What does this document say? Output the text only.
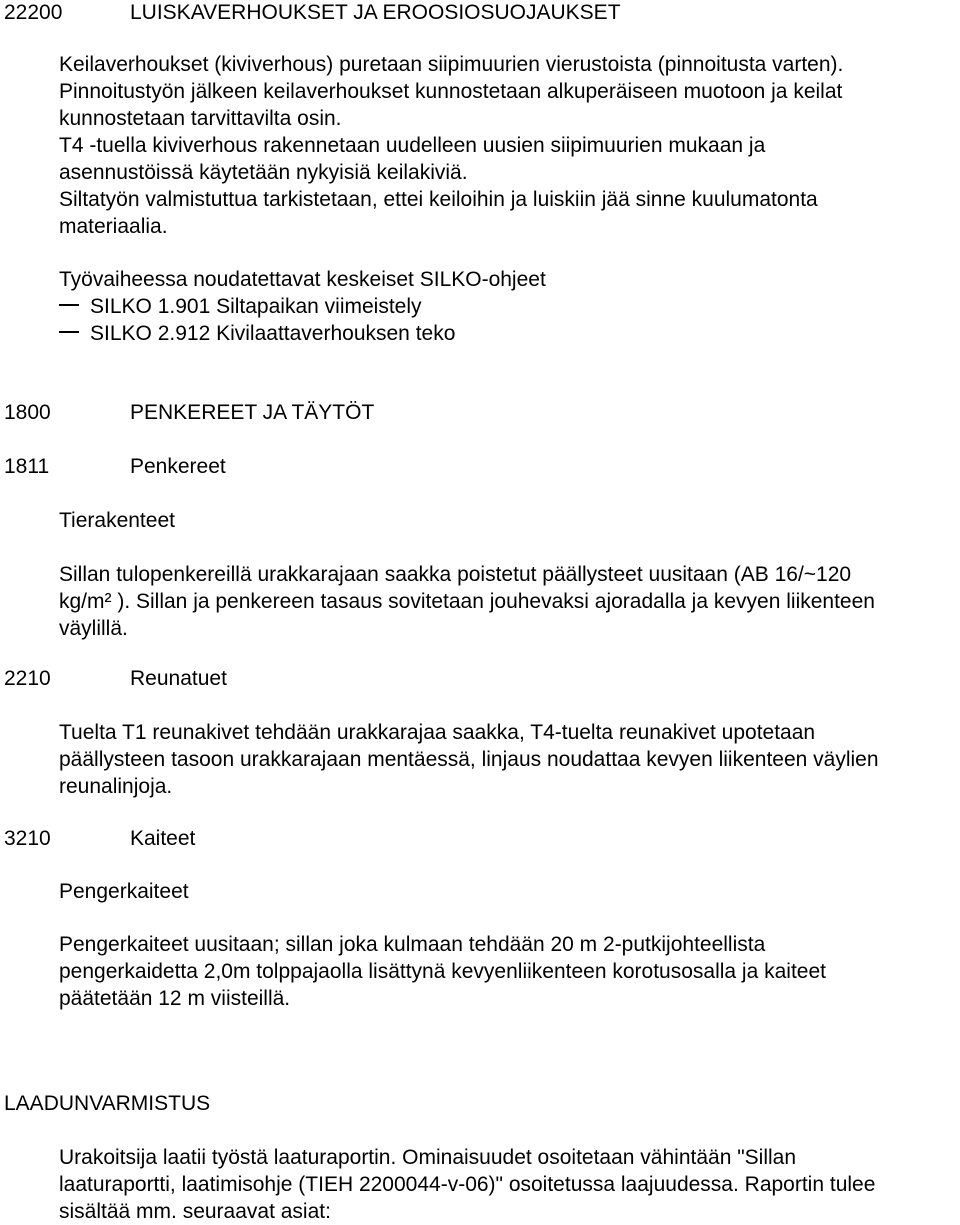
22200	LUISKAVERHOUKSET JA EROOSIOSUOJAUKSET
Keilaverhoukset (kiviverhous) puretaan siipimuurien vierustoista (pinnoitusta varten).
Pinnoitustyön jälkeen keilaverhoukset kunnostetaan alkuperäiseen muotoon ja keilat
kunnostetaan tarvittavilta osin.
T4 -tuella kiviverhous rakennetaan uudelleen uusien siipimuurien mukaan ja
asennustöissä käytetään nykyisiä keilakiviä.
Siltatyön valmistuttua tarkistetaan, ettei keiloihin ja luiskiin jää sinne kuulumatonta
materiaalia.
Työvaiheessa noudatettavat keskeiset SILKO-ohjeet
SILKO 1.901 Siltapaikan viimeistely
SILKO 2.912 Kivilaattaverhouksen teko
1800	PENKEREET JA TÄYTÖT
1811	Penkereet
Tierakenteet
Sillan tulopenkereillä urakkarajaan saakka poistetut päällysteet uusitaan (AB 16/~120
kg/m² ). Sillan ja penkereen tasaus sovitetaan jouhevaksi ajoradalla ja kevyen liikenteen
väylillä.
2210	Reunatuet
Tuelta T1 reunakivet tehdään urakkarajaa saakka, T4-tuelta reunakivet upotetaan
päällysteen tasoon urakkarajaan mentäessä, linjaus noudattaa kevyen liikenteen väylien
reunalinjoja.
3210	Kaiteet
Pengerkaiteet
Pengerkaiteet uusitaan; sillan joka kulmaan tehdään 20 m 2-putkijohteellista
pengerkaidetta 2,0m tolppajaolla lisättynä kevyenliikenteen korotusosalla ja kaiteet
päätetään 12 m viisteillä.
LAADUNVARMISTUS
Urakoitsija laatii työstä laaturaportin. Ominaisuudet osoitetaan vähintään "Sillan
laaturaportti, laatimisohje (TIEH 2200044-v-06)" osoitetussa laajuudessa. Raportin tulee
sisältää mm. seuraavat asiat:
